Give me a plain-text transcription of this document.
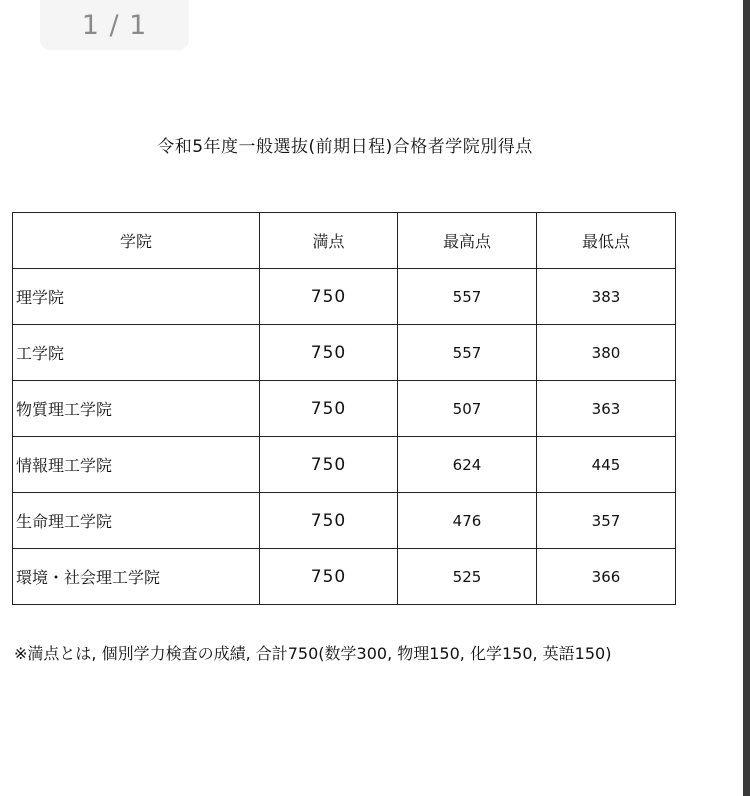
1 / 1
令和5年度一般選抜(前期日程)合格者学院別得点
学院	満点	最高点	最低点
理学院	750	557	383
工学院	750	557	380
物質理工学院	750	507	363
情報理工学院	750	624	445
生命理工学院	750	476	357
環境・社会理工学院	750	525	366
※満点とは, 個別学力検査の成績, 合計750(数学300, 物理150, 化学150, 英語150)
